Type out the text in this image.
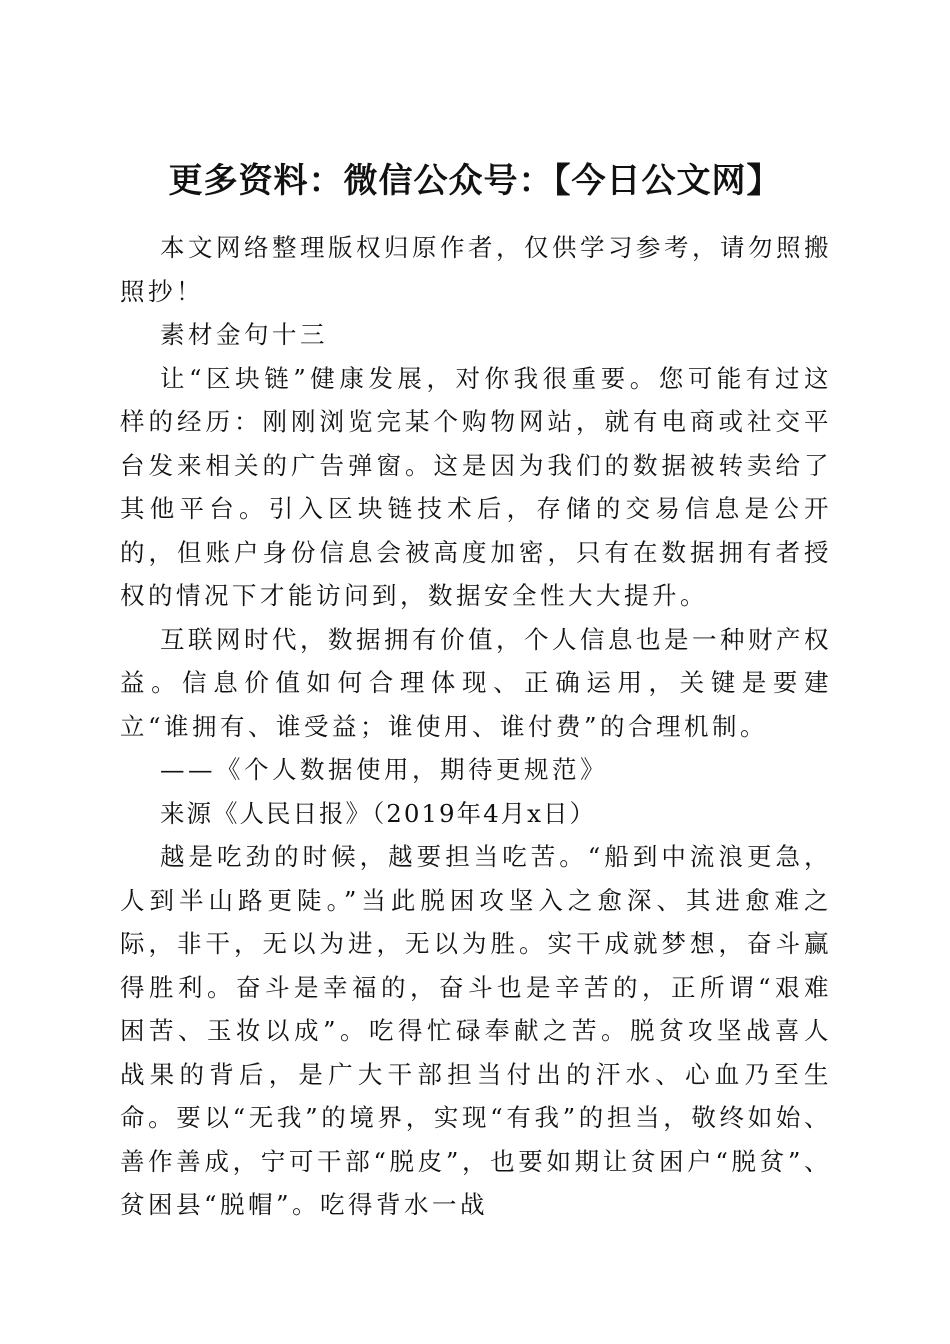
更多资料：微信公众号：【今日公文网】

本文网络整理版权归原作者，仅供学习参考，请勿照搬照抄！

素材金句十三

让“区块链”健康发展，对你我很重要。您可能有过这样的经历：刚刚浏览完某个购物网站，就有电商或社交平台发来相关的广告弹窗。这是因为我们的数据被转卖给了其他平台。引入区块链技术后，存储的交易信息是公开的，但账户身份信息会被高度加密，只有在数据拥有者授权的情况下才能访问到，数据安全性大大提升。

互联网时代，数据拥有价值，个人信息也是一种财产权益。信息价值如何合理体现、正确运用，关键是要建立“谁拥有、谁受益；谁使用、谁付费”的合理机制。

——《个人数据使用，期待更规范》

来源《人民日报》（2019年4月x日）

越是吃劲的时候，越要担当吃苦。“船到中流浪更急，人到半山路更陡。”当此脱困攻坚入之愈深、其进愈难之际，非干，无以为进，无以为胜。实干成就梦想，奋斗赢得胜利。奋斗是幸福的，奋斗也是辛苦的，正所谓“艰难困苦、玉妆以成”。吃得忙碌奉献之苦。脱贫攻坚战喜人战果的背后，是广大干部担当付出的汗水、心血乃至生命。要以“无我”的境界，实现“有我”的担当，敬终如始、善作善成，宁可干部“脱皮”，也要如期让贫困户“脱贫”、贫困县“脱帽”。吃得背水一战
